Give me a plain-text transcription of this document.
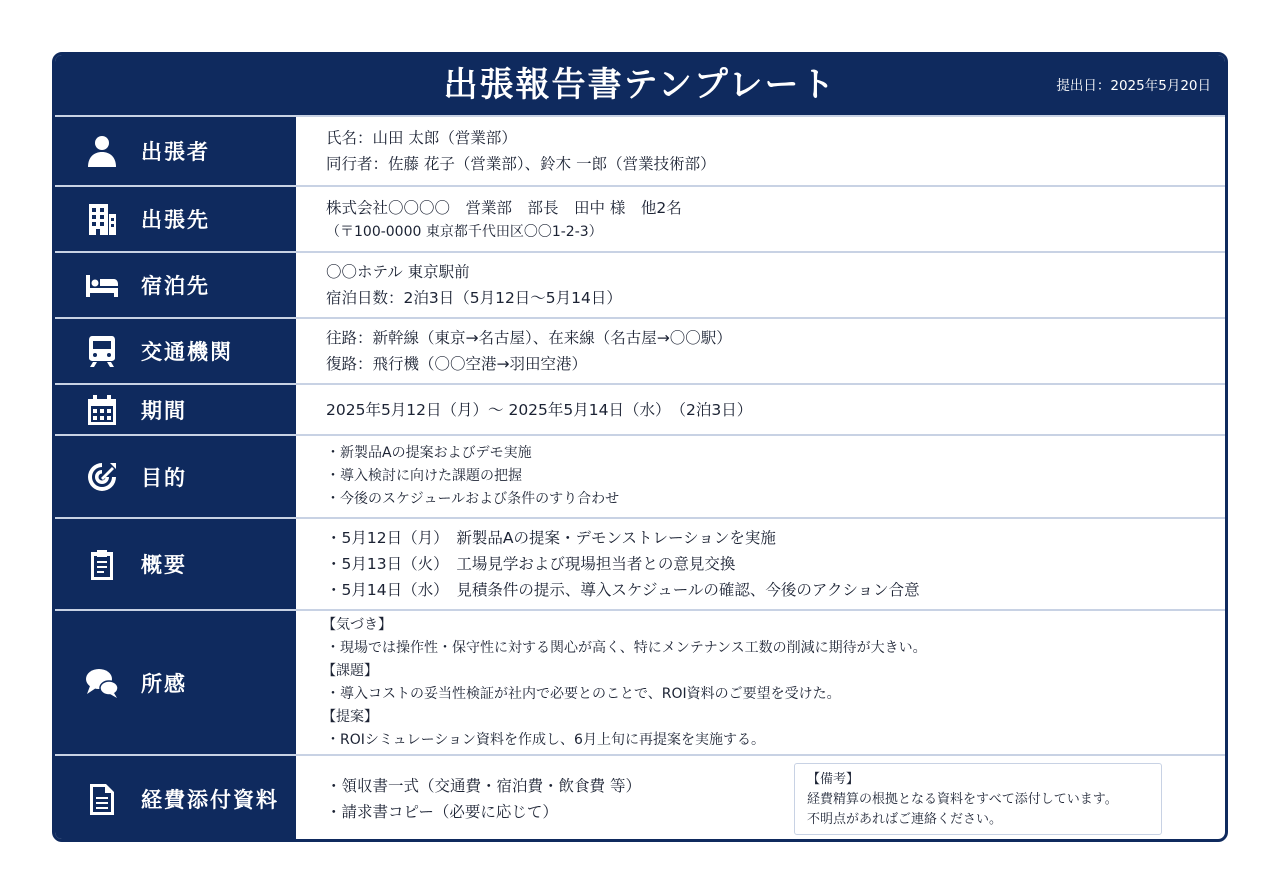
出張報告書テンプレート	提出日：2025年5月20日
出張者
氏名：山田 太郎（営業部）
同行者：佐藤 花子（営業部）、鈴木 一郎（営業技術部）
出張先
株式会社〇〇〇〇　営業部　部長　田中 様　他2名
（〒100-0000 東京都千代田区〇〇1-2-3）
宿泊先
〇〇ホテル 東京駅前
宿泊日数：2泊3日（5月12日〜5月14日）
交通機関
往路：新幹線（東京→名古屋）、在来線（名古屋→〇〇駅）
復路：飛行機（〇〇空港→羽田空港）
期間	2025年5月12日（月）〜 2025年5月14日（水）　（2泊3日）
目的
・ 新製品Aの提案およびデモ実施
・ 導入検討に向けた課題の把握
・ 今後のスケジュールおよび条件のすり合わせ
概要
・ 5月12日（月）　新製品Aの提案・デモンストレーションを実施
・ 5月13日（火）　工場見学および現場担当者との意見交換
・ 5月14日（水）　見積条件の提示、導入スケジュールの確認、今後のアクション合意
所感
【気づき】
・ 現場では操作性・保守性に対する関心が高く、特にメンテナンス工数の削減に期待が大きい。
【課題】
・ 導入コストの妥当性検証が社内で必要とのことで、ROI資料のご要望を受けた。
【提案】
・ ROIシミュレーション資料を作成し、6月上旬に再提案を実施する。
経費添付資料
・ 領収書一式（交通費・宿泊費・飲食費 等）
・ 請求書コピー（必要に応じて）
【備考】
経費精算の根拠となる資料をすべて添付しています。
不明点があればご連絡ください。
